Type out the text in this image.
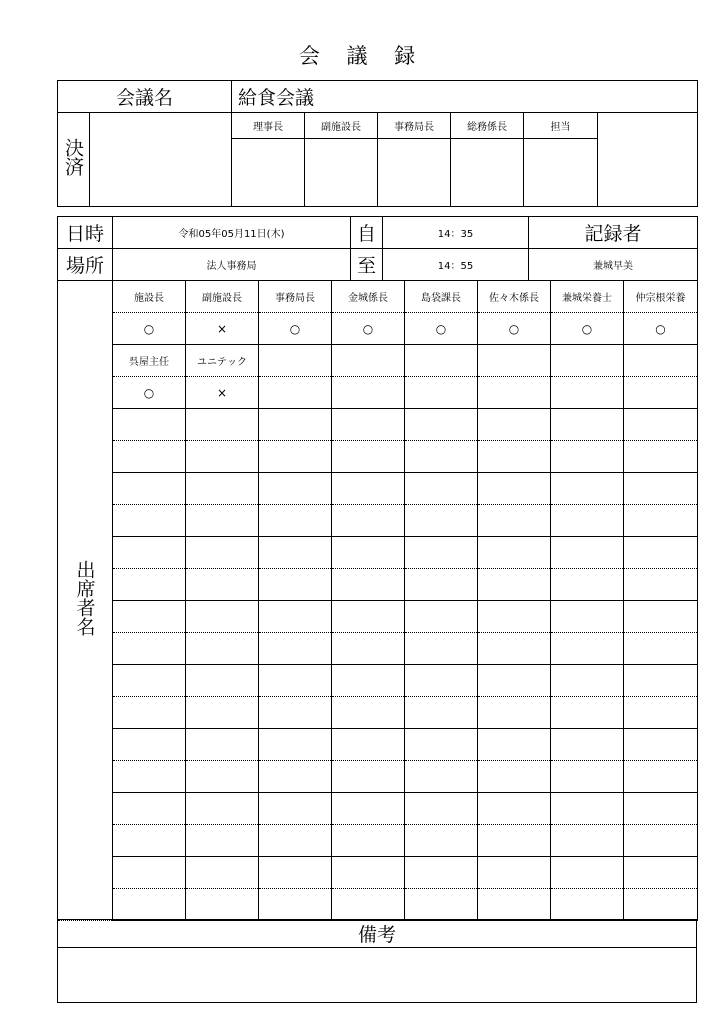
会 議 録
会議名		給食会議					
決済		理事長	副施設長	事務局長	総務係長	担当	

日時	令和05年05月11日(木)	自	14：35	記録者
場所	法人事務局	至	14：55	兼城早美
出席者名	施設長	副施設長	事務局長	金城係長	島袋課長	佐々木係長	兼城栄養士	仲宗根栄養
	○	×	○	○	○	○	○	○
	呉屋主任	ユニテック						
	○	×						

備考
